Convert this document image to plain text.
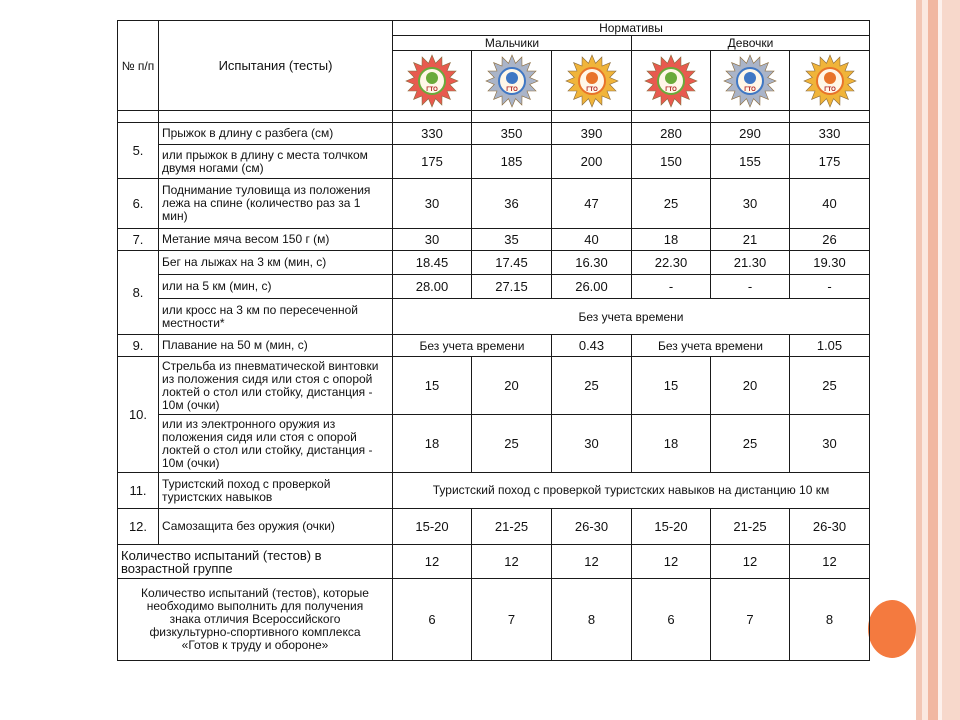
№ п/п	Испытания (тесты)	Нормативы					
		Мальчики			Девочки		

ГТО	ГТО	ГТО	ГТО	ГТО	ГТО

5.	Прыжок в длину с разбега (см)	330	350	390	280	290	330
	или прыжок в длину с места толчком двумя ногами (см)	175	185	200	150	155	175
6.	Поднимание туловища из положения лежа на спине (количество раз за 1 мин)	30	36	47	25	30	40
7.	Метание мяча весом 150 г (м)	30	35	40	18	21	26
8.	Бег на лыжах на 3 км (мин, с)	18.45	17.45	16.30	22.30	21.30	19.30
	или на 5 км (мин, с)	28.00	27.15	26.00	-	-	-
	или кросс на 3 км по пересеченной местности*	Без учета времени					
9.	Плавание на 50 м (мин, с)	Без учета времени		0.43	Без учета времени		1.05
10.	Стрельба из пневматической винтовки из положения сидя или стоя с опорой локтей о стол или стойку, дистанция - 10м (очки)	15	20	25	15	20	25
	или из электронного оружия из положения сидя или стоя с опорой локтей о стол или стойку, дистанция - 10м (очки)	18	25	30	18	25	30
11.	Туристский поход с проверкой туристских навыков	Туристский поход с проверкой туристских навыков на дистанцию 10 км					
12.	Самозащита без оружия (очки)	15-20	21-25	26-30	15-20	21-25	26-30
Количество испытаний (тестов) в возрастной группе		12	12	12	12	12	12
Количество испытаний (тестов), которые необходимо выполнить для получения знака отличия Всероссийского физкультурно-спортивного комплекса «Готов к труду и обороне»		6	7	8	6	7	8
